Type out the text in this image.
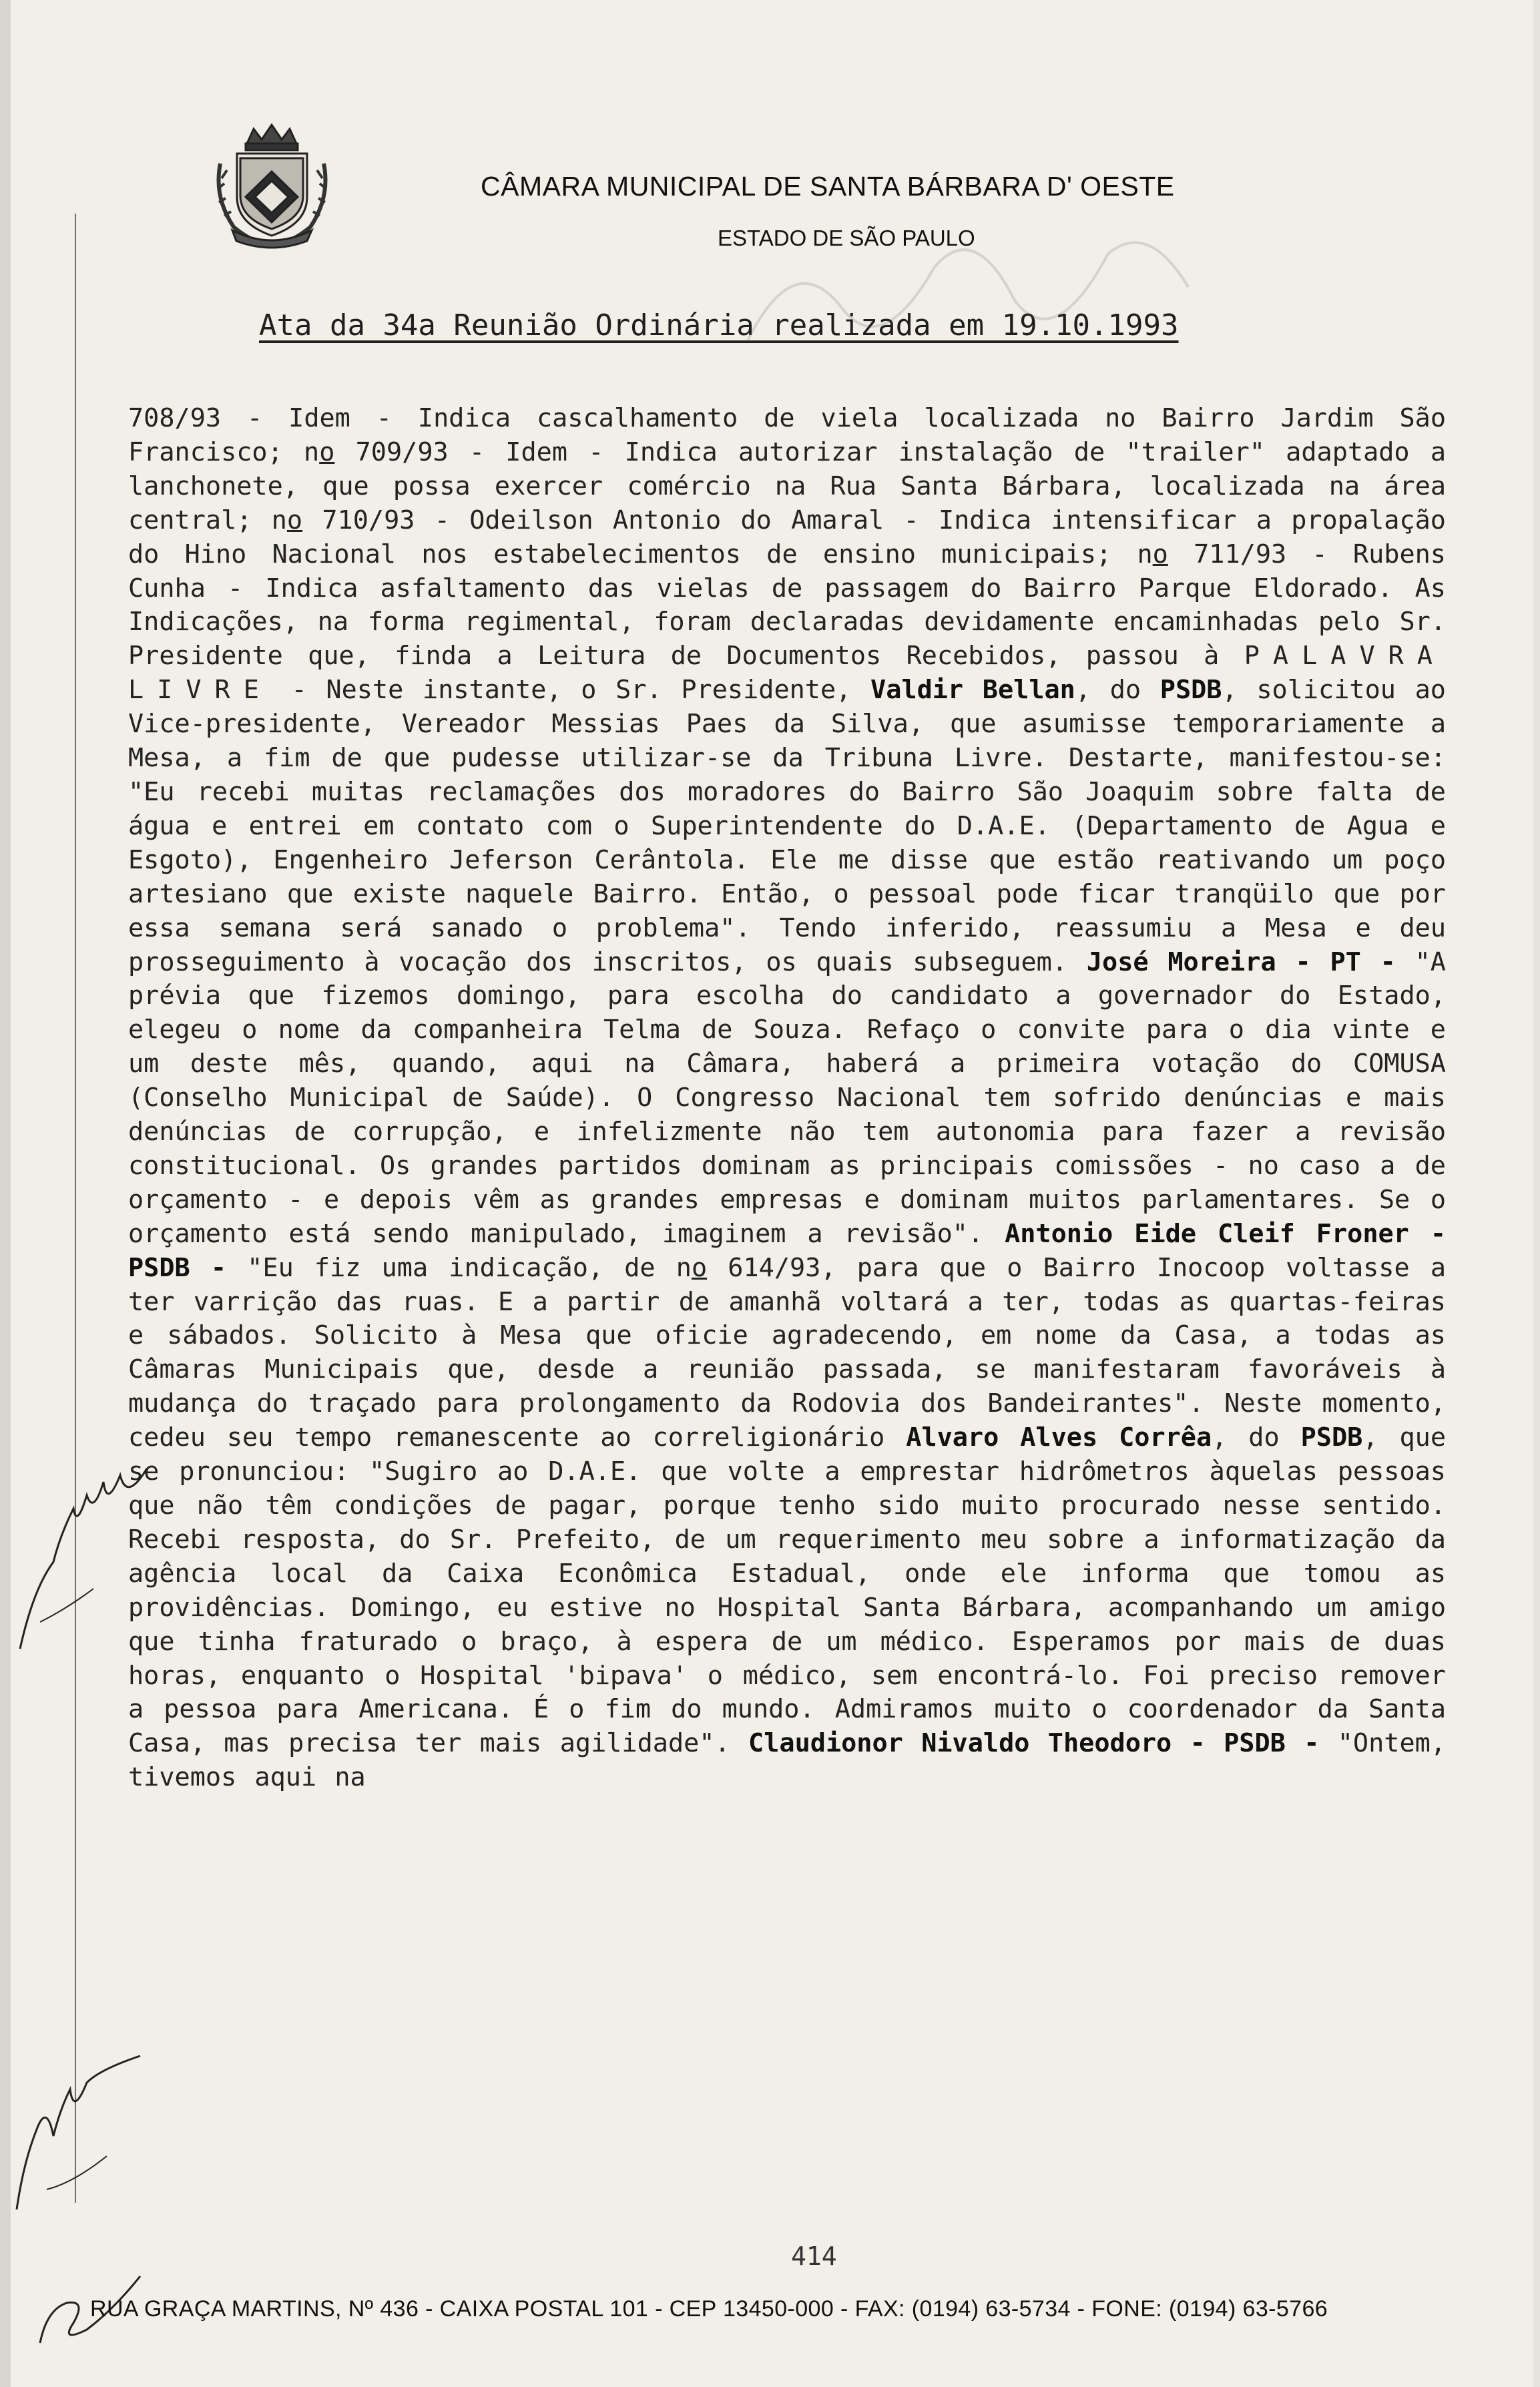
CÂMARA MUNICIPAL DE SANTA BÁRBARA D' OESTE
ESTADO DE SÃO PAULO
Ata da 34a Reunião Ordinária realizada em 19.10.1993
708/93 - Idem - Indica cascalhamento de viela localizada no Bairro Jardim São Francisco; no 709/93 - Idem - Indica autorizar instalação de "trailer" adaptado a lanchonete, que possa exercer comércio na Rua Santa Bárbara, localizada na área central; no 710/93 - Odeilson Antonio do Amaral - Indica intensificar a propalação do Hino Nacional nos estabelecimentos de ensino municipais; no 711/93 - Rubens Cunha - Indica asfaltamento das vielas de passagem do Bairro Parque Eldorado. As Indicações, na forma regimental, foram declaradas devidamente encaminhadas pelo Sr. Presidente que, finda a Leitura de Documentos Recebidos, passou à PALAVRA LIVRE - Neste instante, o Sr. Presidente, Valdir Bellan, do PSDB, solicitou ao Vice-presidente, Vereador Messias Paes da Silva, que asumisse temporariamente a Mesa, a fim de que pudesse utilizar-se da Tribuna Livre. Destarte, manifestou-se: "Eu recebi muitas reclamações dos moradores do Bairro São Joaquim sobre falta de água e entrei em contato com o Superintendente do D.A.E. (Departamento de Agua e Esgoto), Engenheiro Jeferson Cerântola. Ele me disse que estão reativando um poço artesiano que existe naquele Bairro. Então, o pessoal pode ficar tranqüilo que por essa semana será sanado o problema". Tendo inferido, reassumiu a Mesa e deu prosseguimento à vocação dos inscritos, os quais subseguem. José Moreira - PT - "A prévia que fizemos domingo, para escolha do candidato a governador do Estado, elegeu o nome da companheira Telma de Souza. Refaço o convite para o dia vinte e um deste mês, quando, aqui na Câmara, haberá a primeira votação do COMUSA (Conselho Municipal de Saúde). O Congresso Nacional tem sofrido denúncias e mais denúncias de corrupção, e infelizmente não tem autonomia para fazer a revisão constitucional. Os grandes partidos dominam as principais comissões - no caso a de orçamento - e depois vêm as grandes empresas e dominam muitos parlamentares. Se o orçamento está sendo manipulado, imaginem a revisão". Antonio Eide Cleif Froner - PSDB - "Eu fiz uma indicação, de no 614/93, para que o Bairro Inocoop voltasse a ter varrição das ruas. E a partir de amanhã voltará a ter, todas as quartas-feiras e sábados. Solicito à Mesa que oficie agradecendo, em nome da Casa, a todas as Câmaras Municipais que, desde a reunião passada, se manifestaram favoráveis à mudança do traçado para prolongamento da Rodovia dos Bandeirantes". Neste momento, cedeu seu tempo remanescente ao correligionário Alvaro Alves Corrêa, do PSDB, que se pronunciou: "Sugiro ao D.A.E. que volte a emprestar hidrômetros àquelas pessoas que não têm condições de pagar, porque tenho sido muito procurado nesse sentido. Recebi resposta, do Sr. Prefeito, de um requerimento meu sobre a informatização da agência local da Caixa Econômica Estadual, onde ele informa que tomou as providências. Domingo, eu estive no Hospital Santa Bárbara, acompanhando um amigo que tinha fraturado o braço, à espera de um médico. Esperamos por mais de duas horas, enquanto o Hospital 'bipava' o médico, sem encontrá-lo. Foi preciso remover a pessoa para Americana. É o fim do mundo. Admiramos muito o coordenador da Santa Casa, mas precisa ter mais agilidade". Claudionor Nivaldo Theodoro - PSDB - "Ontem, tivemos aqui na
414
RUA GRAÇA MARTINS, Nº 436 - CAIXA POSTAL 101 - CEP 13450-000 - FAX: (0194) 63-5734 - FONE: (0194) 63-5766
